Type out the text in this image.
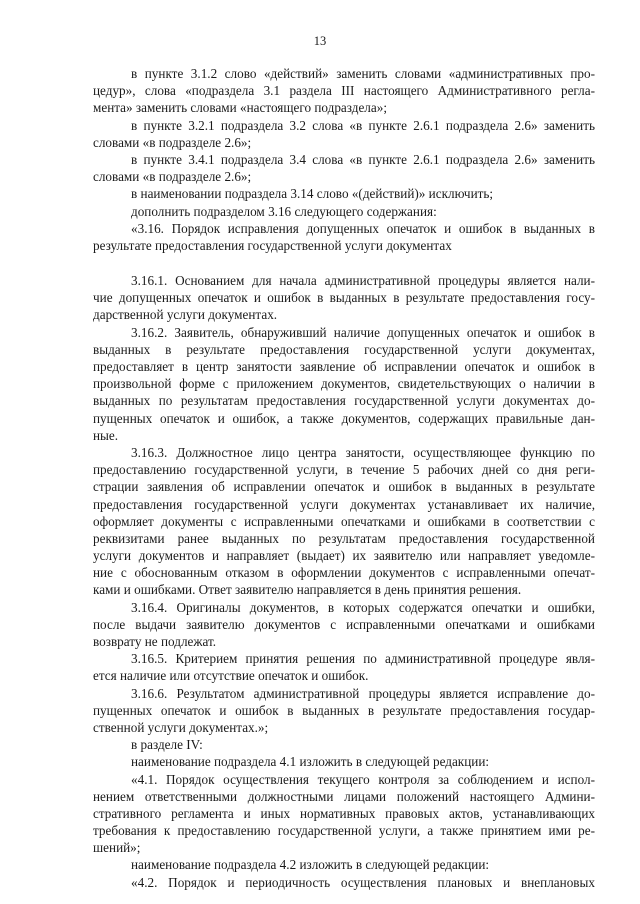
13
в пункте 3.1.2 слово «действий» заменить словами «административных про-
цедур», слова «подраздела 3.1 раздела III настоящего Административного регла-
мента» заменить словами «настоящего подраздела»;
в пункте 3.2.1 подраздела 3.2 слова «в пункте 2.6.1 подраздела 2.6» заменить
словами «в подразделе 2.6»;
в пункте 3.4.1 подраздела 3.4 слова «в пункте 2.6.1 подраздела 2.6» заменить
словами «в подразделе 2.6»;
в наименовании подраздела 3.14 слово «(действий)» исключить;
дополнить подразделом 3.16 следующего содержания:
«3.16. Порядок исправления допущенных опечаток и ошибок в выданных в
результате предоставления государственной услуги документах
3.16.1. Основанием для начала административной процедуры является нали-
чие допущенных опечаток и ошибок в выданных в результате предоставления госу-
дарственной услуги документах.
3.16.2. Заявитель, обнаруживший наличие допущенных опечаток и ошибок в
выданных в результате предоставления государственной услуги документах,
предоставляет в центр занятости заявление об исправлении опечаток и ошибок в
произвольной форме с приложением документов, свидетельствующих о наличии в
выданных по результатам предоставления государственной услуги документах до-
пущенных опечаток и ошибок, а также документов, содержащих правильные дан-
ные.
3.16.3. Должностное лицо центра занятости, осуществляющее функцию по
предоставлению государственной услуги, в течение 5 рабочих дней со дня реги-
страции заявления об исправлении опечаток и ошибок в выданных в результате
предоставления государственной услуги документах устанавливает их наличие,
оформляет документы с исправленными опечатками и ошибками в соответствии с
реквизитами ранее выданных по результатам предоставления государственной
услуги документов и направляет (выдает) их заявителю или направляет уведомле-
ние с обоснованным отказом в оформлении документов с исправленными опечат-
ками и ошибками. Ответ заявителю направляется в день принятия решения.
3.16.4. Оригиналы документов, в которых содержатся опечатки и ошибки,
после выдачи заявителю документов с исправленными опечатками и ошибками
возврату не подлежат.
3.16.5. Критерием принятия решения по административной процедуре явля-
ется наличие или отсутствие опечаток и ошибок.
3.16.6. Результатом административной процедуры является исправление до-
пущенных опечаток и ошибок в выданных в результате предоставления государ-
ственной услуги документах.»;
в разделе IV:
наименование подраздела 4.1 изложить в следующей редакции:
«4.1. Порядок осуществления текущего контроля за соблюдением и испол-
нением ответственными должностными лицами положений настоящего Админи-
стративного регламента и иных нормативных правовых актов, устанавливающих
требования к предоставлению государственной услуги, а также принятием ими ре-
шений»;
наименование подраздела 4.2 изложить в следующей редакции:
«4.2. Порядок и периодичность осуществления плановых и внеплановых
